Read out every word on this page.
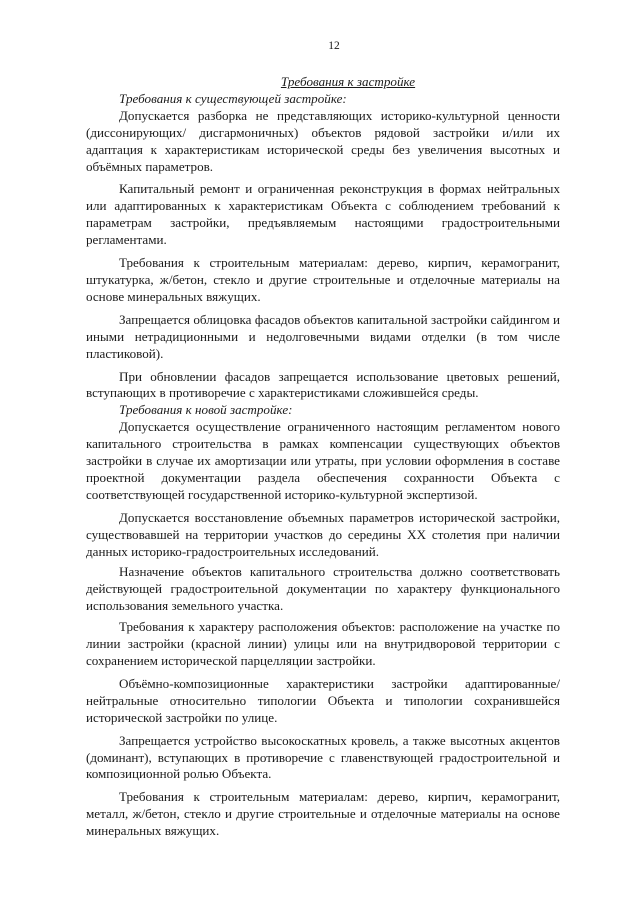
12

Требования к застройке

Требования к существующей застройке:

Допускается разборка не представляющих историко-культурной ценности (диссонирующих/ дисгармоничных) объектов рядовой застройки и/или их адаптация к характеристикам исторической среды без увеличения высотных и объёмных параметров.

Капитальный ремонт и ограниченная реконструкция в формах нейтральных или адаптированных к характеристикам Объекта с соблюдением требований к параметрам застройки, предъявляемым настоящими градостроительными регламентами.

Требования к строительным материалам: дерево, кирпич, керамогранит, штукатурка, ж/бетон, стекло и другие строительные и отделочные материалы на основе минеральных вяжущих.

Запрещается облицовка фасадов объектов капитальной застройки сайдингом и иными нетрадиционными и недолговечными видами отделки (в том числе пластиковой).

При обновлении фасадов запрещается использование цветовых решений, вступающих в противоречие с характеристиками сложившейся среды.

Требования к новой застройке:

Допускается осуществление ограниченного настоящим регламентом нового капитального строительства в рамках компенсации существующих объектов застройки в случае их амортизации или утраты, при условии оформления в составе проектной документации раздела обеспечения сохранности Объекта с соответствующей государственной историко-культурной экспертизой.

Допускается восстановление объемных параметров исторической застройки, существовавшей на территории участков до середины XX столетия при наличии данных историко-градостроительных исследований.

Назначение объектов капитального строительства должно соответствовать действующей градостроительной документации по характеру функционального использования земельного участка.

Требования к характеру расположения объектов: расположение на участке по линии застройки (красной линии) улицы или на внутридворовой территории с сохранением исторической парцелляции застройки.

Объёмно-композиционные характеристики застройки адаптированные/ нейтральные относительно типологии Объекта и типологии сохранившейся исторической застройки по улице.

Запрещается устройство высокоскатных кровель, а также высотных акцентов (доминант), вступающих в противоречие с главенствующей градостроительной и композиционной ролью Объекта.

Требования к строительным материалам: дерево, кирпич, керамогранит, металл, ж/бетон, стекло и другие строительные и отделочные материалы на основе минеральных вяжущих.
